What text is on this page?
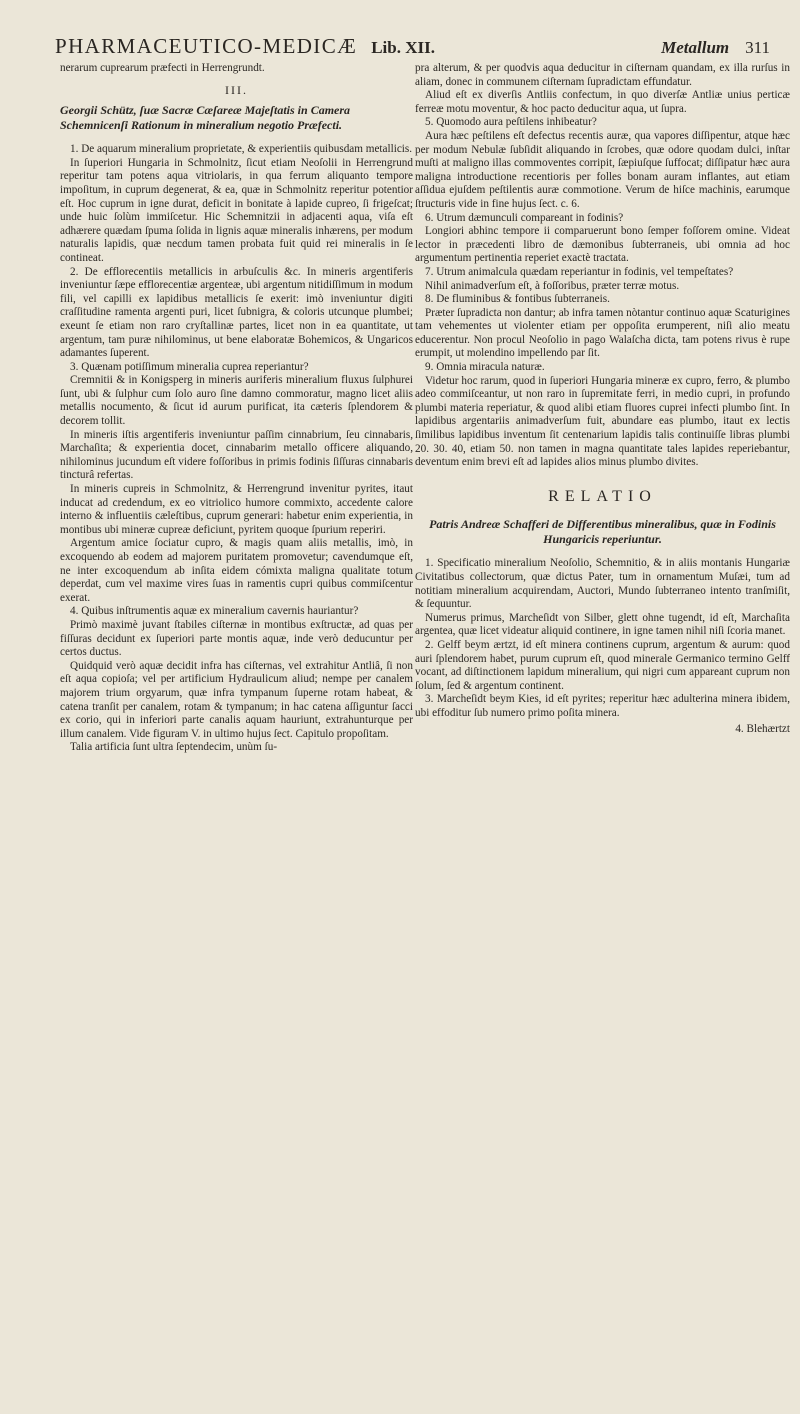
PHARMACEUTICO-MEDICÆ Lib. XII.	Metallum 311

nerarum cuprearum præfecti in Herrengrundt.

III.

Georgii Schütz, ſuæ Sacræ Cæſareæ Majeſtatis in Camera Schemnicenſi Rationum in mineralium negotio Præfecti.

1. De aquarum mineralium proprietate, & experientiis quibusdam metallicis.

In ſuperiori Hungaria in Schmolnitz, ſicut etiam Neoſolii in Herrengrund reperitur tam potens aqua vitriolaris, in qua ferrum aliquanto tempore impoſitum, in cuprum degenerat, & ea, quæ in Schmolnitz reperitur potentior eſt. Hoc cuprum in igne durat, deficit in bonitate à lapide cupreo, ſi frigeſcat; unde huic ſolùm immiſcetur. Hic Schemnitzii in adjacenti aqua, viſa eſt adhærere quædam ſpuma ſolida in lignis aquæ mineralis inhærens, per modum naturalis lapidis, quæ necdum tamen probata fuit quid rei mineralis in ſe contineat.

2. De efflorecentiis metallicis in arbuſculis &c. In mineris argentiferis inveniuntur ſæpe efflorecentiæ argenteæ, ubi argentum nitidiſſimum in modum fili, vel capilli ex lapidibus metallicis ſe exerit: imò inveniuntur digiti craſſitudine ramenta argenti puri, licet ſubnigra, & coloris utcunque plumbei; exeunt ſe etiam non raro cryſtallinæ partes, licet non in ea quantitate, ut argentum, tam puræ nihilominus, ut bene elaboratæ Bohemicos, & Ungaricos adamantes ſuperent.

3. Quænam potiſſimum mineralia cuprea reperiantur?

Cremnitii & in Konigsperg in mineris auriferis mineralium fluxus ſulphurei ſunt, ubi & ſulphur cum ſolo auro ſine damno commoratur, magno licet aliis metallis nocumento, & ſicut id aurum purificat, ita cæteris ſplendorem & decorem tollit.

In mineris iſtis argentiferis inveniuntur paſſim cinnabrium, ſeu cinnabaris, Marchaſita; & experientia docet, cinnabarim metallo officere aliquando, nihilominus jucundum eſt videre foſſoribus in primis fodinis ſiſſuras cinnabaris tincturâ refertas.

In mineris cupreis in Schmolnitz, & Herrengrund invenitur pyrites, itaut inducat ad credendum, ex eo vitriolico humore commixto, accedente calore interno & influentiis cæleſtibus, cuprum generari: habetur enim experientia, in montibus ubi mineræ cupreæ deficiunt, pyritem quoque ſpurium reperiri.

Argentum amice ſociatur cupro, & magis quam aliis metallis, imò, in excoquendo ab eodem ad majorem puritatem promovetur; cavendumque eſt, ne inter excoquendum ab inſita eidem cómixta maligna qualitate totum deperdat, cum vel maxime vires ſuas in ramentis cupri quibus commiſcentur exerat.

4. Quibus inſtrumentis aquæ ex mineralium cavernis hauriantur?

Primò maximè juvant ſtabiles ciſternæ in montibus exſtructæ, ad quas per fiſſuras decidunt ex ſuperiori parte montis aquæ, inde verò deducuntur per certos ductus.

Quidquid verò aquæ decidit infra has ciſternas, vel extrahitur Antliâ, ſi non eſt aqua copioſa; vel per artificium Hydraulicum aliud; nempe per canalem majorem trium orgyarum, quæ infra tympanum ſuperne rotam habeat, & catena tranſit per canalem, rotam & tympanum; in hac catena aſſiguntur ſacci ex corio, qui in inferiori parte canalis aquam hauriunt, extrahunturque per illum canalem. Vide figuram V. in ultimo hujus ſect. Capitulo propoſitam.

Talia artificia ſunt ultra ſeptendecim, unùm ſu-

pra alterum, & per quodvis aqua deducitur in ciſternam quandam, ex illa rurſus in aliam, donec in communem ciſternam ſupradictam effundatur.

Aliud eſt ex diverſis Antliis confectum, in quo diverſæ Antliæ unius perticæ ferreæ motu moventur, & hoc pacto deducitur aqua, ut ſupra.

5. Quomodo aura peſtilens inhibeatur?

Aura hæc peſtilens eſt defectus recentis auræ, qua vapores diſſipentur, atque hæc per modum Nebulæ ſubſidit aliquando in ſcrobes, quæ odore quodam dulci, inſtar muſti at maligno illas commoventes corripit, ſæpiuſque ſuffocat; diſſipatur hæc aura maligna introductione recentioris per folles bonam auram inflantes, aut etiam aſſidua ejuſdem peſtilentis auræ commotione. Verum de hiſce machinis, earumque ſtructuris vide in fine hujus ſect. c. 6.

6. Utrum dæmunculi compareant in fodinis?

Longiori abhinc tempore ii comparuerunt bono ſemper foſſorem omine. Videat lector in præcedenti libro de dæmonibus ſubterraneis, ubi omnia ad hoc argumentum pertinentia reperiet exactè tractata.

7. Utrum animalcula quædam reperiantur in fodinis, vel tempeſtates?

Nihil animadverſum eſt, à foſſoribus, præter terræ motus.

8. De fluminibus & fontibus ſubterraneis.

Præter ſupradicta non dantur; ab infra tamen nòtantur continuo aquæ Scaturigines tam vehementes ut violenter etiam per oppoſita erumperent, niſi alio meatu educerentur. Non procul Neoſolio in pago Walaſcha dicta, tam potens rivus è rupe erumpit, ut molendino impellendo par ſit.

9. Omnia miracula naturæ.

Videtur hoc rarum, quod in ſuperiori Hungaria mineræ ex cupro, ferro, & plumbo adeo commiſceantur, ut non raro in ſupremitate ferri, in medio cupri, in profundo plumbi materia reperiatur, & quod alibi etiam fluores cuprei infecti plumbo ſint. In lapidibus argentariis animadverſum fuit, abundare eas plumbo, itaut ex lectis ſimilibus lapidibus inventum ſit centenarium lapidis talis continuiſſe libras plumbi 20. 30. 40, etiam 50. non tamen in magna quantitate tales lapides reperiebantur, deventum enim brevi eſt ad lapides alios minus plumbo divites.

RELATIO

Patris Andreæ Schafferi de Differentibus mineralibus, quæ in Fodinis Hungaricis reperiuntur.

1. Specificatio mineralium Neoſolio, Schemnitio, & in aliis montanis Hungariæ Civitatibus collectorum, quæ dictus Pater, tum in ornamentum Muſæi, tum ad notitiam mineralium acquirendam, Auctori, Mundo ſubterraneo intento tranſmiſit, & ſequuntur.

Numerus primus, Marcheſidt von Silber, glett ohne tugendt, id eſt, Marchaſita argentea, quæ licet videatur aliquid continere, in igne tamen nihil niſi ſcoria manet.

2. Gelff beym ærtzt, id eſt minera continens cuprum, argentum & aurum: quod auri ſplendorem habet, purum cuprum eſt, quod minerale Germanico termino Gelff vocant, ad diſtinctionem lapidum mineralium, qui nigri cum appareant cuprum non ſolum, ſed & argentum continent.

3. Marcheſidt beym Kies, id eſt pyrites; reperitur hæc adulterina minera ibidem, ubi effoditur ſub numero primo poſita minera.

4. Blehærtzt
